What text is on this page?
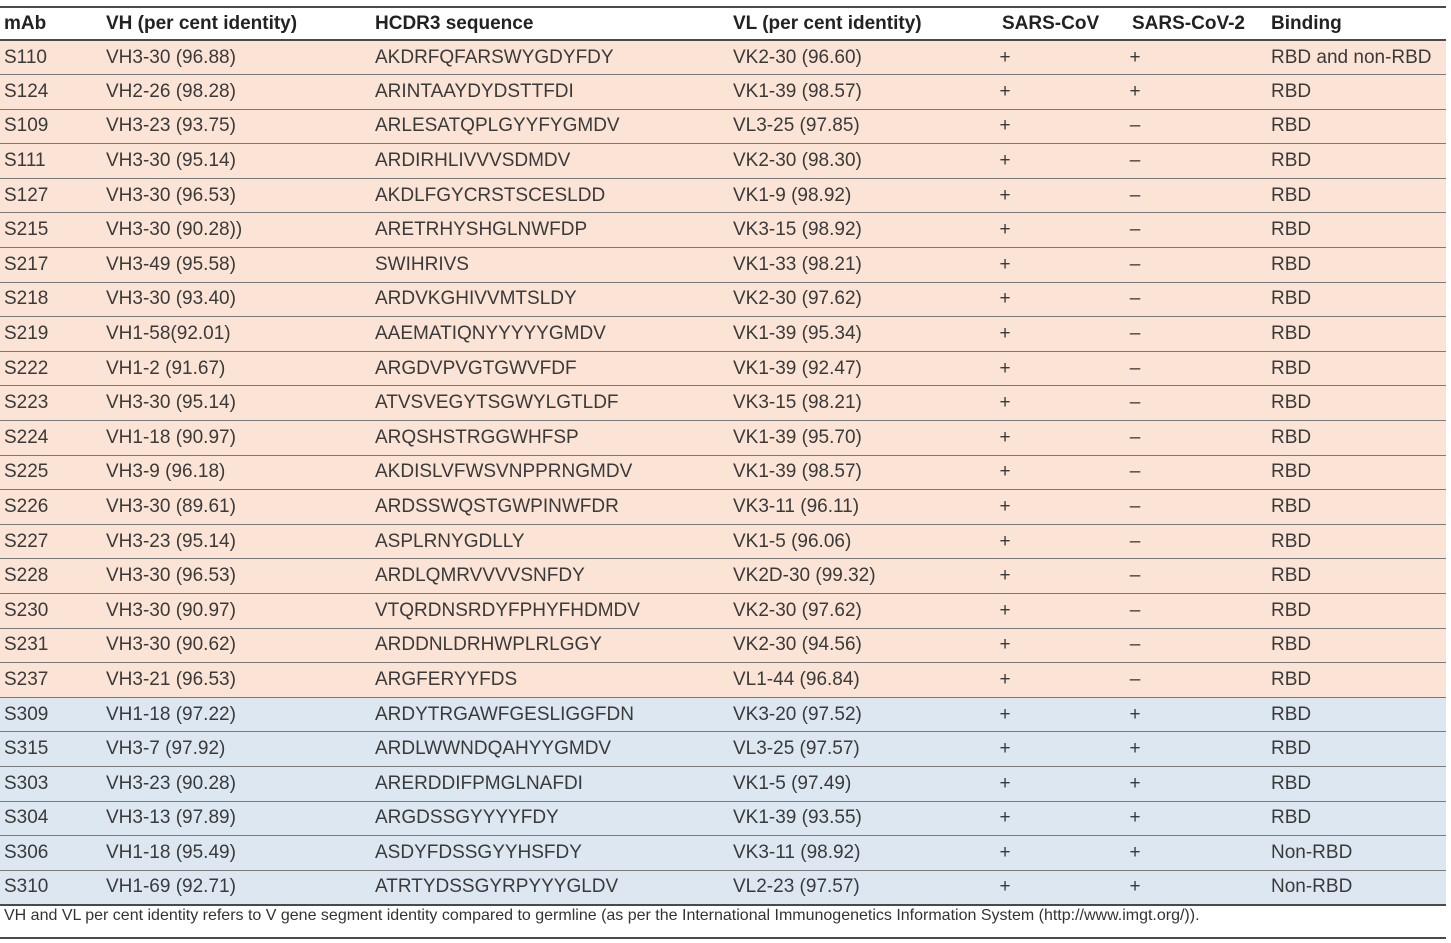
mAb	VH (per cent identity)	HCDR3 sequence	VL (per cent identity)	SARS-CoV	SARS-CoV-2	Binding
S110	VH3-30 (96.88)	AKDRFQFARSWYGDYFDY	VK2-30 (96.60)	+	+	RBD and non-RBD
S124	VH2-26 (98.28)	ARINTAAYDYDSTTFDI	VK1-39 (98.57)	+	+	RBD
S109	VH3-23 (93.75)	ARLESATQPLGYYFYGMDV	VL3-25 (97.85)	+	–	RBD
S111	VH3-30 (95.14)	ARDIRHLIVVVSDMDV	VK2-30 (98.30)	+	–	RBD
S127	VH3-30 (96.53)	AKDLFGYCRSTSCESLDD	VK1-9 (98.92)	+	–	RBD
S215	VH3-30 (90.28))	ARETRHYSHGLNWFDP	VK3-15 (98.92)	+	–	RBD
S217	VH3-49 (95.58)	SWIHRIVS	VK1-33 (98.21)	+	–	RBD
S218	VH3-30 (93.40)	ARDVKGHIVVMTSLDY	VK2-30 (97.62)	+	–	RBD
S219	VH1-58(92.01)	AAEMATIQNYYYYYGMDV	VK1-39 (95.34)	+	–	RBD
S222	VH1-2 (91.67)	ARGDVPVGTGWVFDF	VK1-39 (92.47)	+	–	RBD
S223	VH3-30 (95.14)	ATVSVEGYTSGWYLGTLDF	VK3-15 (98.21)	+	–	RBD
S224	VH1-18 (90.97)	ARQSHSTRGGWHFSP	VK1-39 (95.70)	+	–	RBD
S225	VH3-9 (96.18)	AKDISLVFWSVNPPRNGMDV	VK1-39 (98.57)	+	–	RBD
S226	VH3-30 (89.61)	ARDSSWQSTGWPINWFDR	VK3-11 (96.11)	+	–	RBD
S227	VH3-23 (95.14)	ASPLRNYGDLLY	VK1-5 (96.06)	+	–	RBD
S228	VH3-30 (96.53)	ARDLQMRVVVVSNFDY	VK2D-30 (99.32)	+	–	RBD
S230	VH3-30 (90.97)	VTQRDNSRDYFPHYFHDMDV	VK2-30 (97.62)	+	–	RBD
S231	VH3-30 (90.62)	ARDDNLDRHWPLRLGGY	VK2-30 (94.56)	+	–	RBD
S237	VH3-21 (96.53)	ARGFERYYFDS	VL1-44 (96.84)	+	–	RBD
S309	VH1-18 (97.22)	ARDYTRGAWFGESLIGGFDN	VK3-20 (97.52)	+	+	RBD
S315	VH3-7 (97.92)	ARDLWWNDQAHYYGMDV	VL3-25 (97.57)	+	+	RBD
S303	VH3-23 (90.28)	ARERDDIFPMGLNAFDI	VK1-5 (97.49)	+	+	RBD
S304	VH3-13 (97.89)	ARGDSSGYYYYFDY	VK1-39 (93.55)	+	+	RBD
S306	VH1-18 (95.49)	ASDYFDSSGYYHSFDY	VK3-11 (98.92)	+	+	Non-RBD
S310	VH1-69 (92.71)	ATRTYDSSGYRPYYYGLDV	VL2-23 (97.57)	+	+	Non-RBD
VH and VL per cent identity refers to V gene segment identity compared to germline (as per the International Immunogenetics Information System (http://www.imgt.org/)).
